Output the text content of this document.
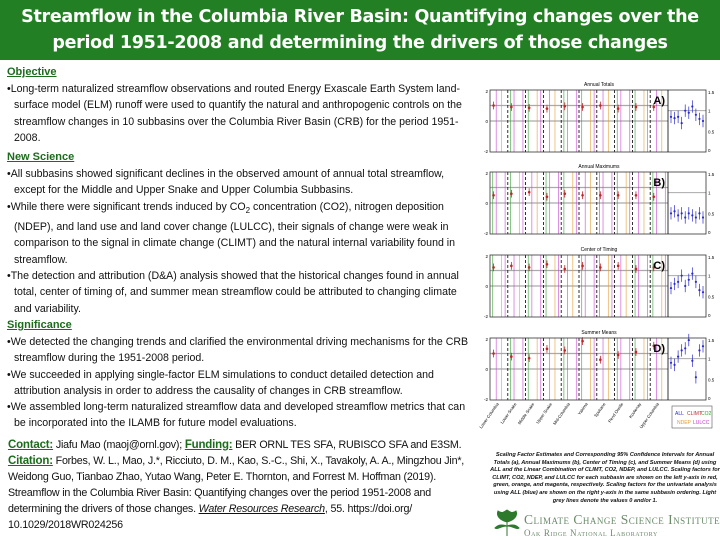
Streamflow in the Columbia River Basin: Quantifying changes over the
period 1951-2008 and determining the drivers of those changes
Objective
•Long-term naturalized streamflow observations and routed Energy Exascale Earth System land-surface model (ELM) runoff were used to quantify the natural and anthropogenic controls on the streamflow changes in 10 subbasins over the Columbia River Basin (CRB) for the period 1951-2008.
New Science
•All subbasins showed significant declines in the observed amount of annual total streamflow, except for the Middle and Upper Snake and Upper Columbia Subbasins.
•While there were significant trends induced by $CO_2$ concentration (CO2), nitrogen deposition (NDEP), and land use and land cover change (LULCC), their signals of change were weak in comparison to the signal in climate change (CLIMT) and the natural internal variability found in streamflow.
•The detection and attribution (D&A) analysis showed that the historical changes found in annual total, center of timing of, and summer mean streamflow could be attributed to changing climate and variability.
Significance
•We detected the changing trends and clarified the environmental driving mechanisms for the CRB streamflow during the 1951-2008 period.
•We succeeded in applying single-factor ELM simulations to conduct detailed detection and attribution analysis in order to address the causality of changes in CRB streamflow.
•We assembled long-term naturalized streamflow data and developed streamflow metrics that can be incorporated into the ILAMB for future model evaluations.
Contact: Jiafu Mao (maoj@ornl.gov); Funding: BER ORNL TES SFA, RUBISCO SFA and E3SM.
Citation: Forbes, W. L., Mao, J.*, Ricciuto, D. M., Kao, S.-C., Shi, X., Tavakoly, A. A., Mingzhou Jin*, Weidong Guo, Tianbao Zhao, Yutao Wang, Peter E. Thornton, and Forrest M. Hoffman (2019). Streamflow in the Columbia River Basin: Quantifying changes over the period 1951-2008 and determining the drivers of those changes. Water Resources Research, 55. https://doi.org/ 10.1029/2018WR024256
Annual Totals
2
0
-2
1.5
1
0.5
0
A)
Annual Maximums
2
0
-2
1.5
1
0.5
0
B)
Center of Timing
2
0
-2
1.5
1
0.5
0
C)
Summer Means
2
0
-2
1.5
1
0.5
0
D)
Lower Columbia Lower Snake Middle Snake Upper Snake
Mid-Columbia Yakima Spokane Pend Oreille Kootenay
Upper Columbia	ALL CLIMT CO2
NDEP LULCC
Scaling Factor Estimates and Corresponding 95% Confidence Intervals for Annual Totals (a), Annual Maximums (b), Center of Timing (c), and Summer Means (d) using ALL and the Linear Combination of CLIMT, CO2, NDEP, and LULCC. Scaling factors for CLIMT, CO2, NDEP, and LULCC for each subbasin are shown on the left y-axis in red, green, orange, and magenta, respectively. Scaling factors for the univariate analysis using ALL (blue) are shown on the right y-axis in the same subbasin ordering. Light grey lines denote the values 0 and/or 1.
Climate Change Science Institute
Oak Ridge National Laboratory
